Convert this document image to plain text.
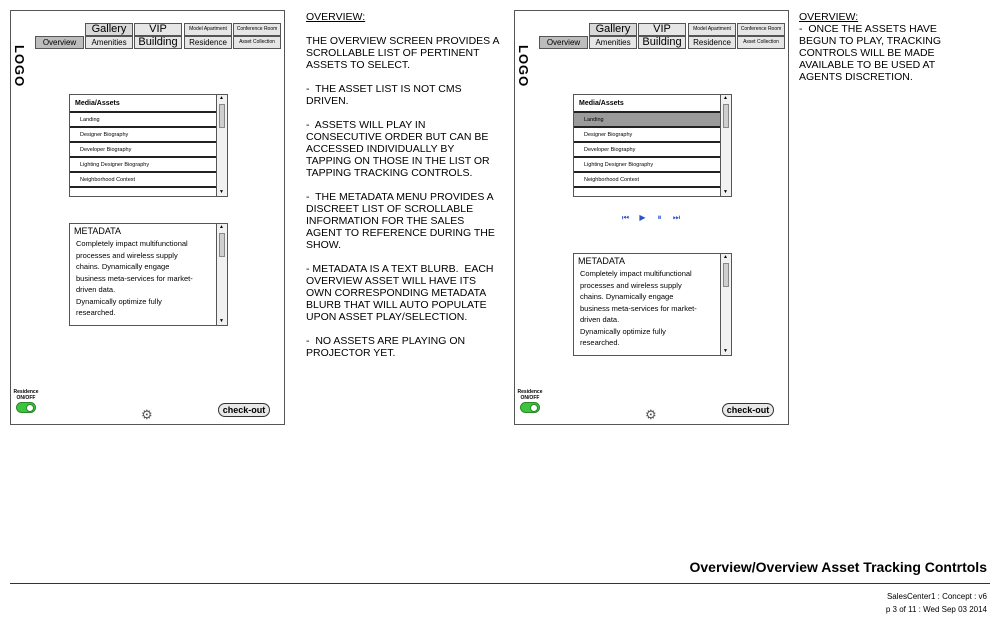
LOGO
Gallery	VIP	Model Apartment	Conference Room
Overview	Amenities	Building	Residence	Asset Collection
Media/Assets
Landing
Designer Biography
Developer Biography
Lighting Designer Biography
Neighborhood Context
▲
▼
METADATA
Completely impact multifunctional
processes and wireless supply
chains. Dynamically engage
business meta-services for market-
driven data.
Dynamically optimize fully
researched.
▲
▼
Residence
ON/OFF
⚙	check-out

OVERVIEW:

THE OVERVIEW SCREEN PROVIDES A
SCROLLABLE LIST OF PERTINENT
ASSETS TO SELECT.

-  THE ASSET LIST IS NOT CMS
DRIVEN.

-  ASSETS WILL PLAY IN
CONSECUTIVE ORDER BUT CAN BE
ACCESSED INDIVIDUALLY BY
TAPPING ON THOSE IN THE LIST OR
TAPPING TRACKING CONTROLS.

-  THE METADATA MENU PROVIDES A
DISCREET LIST OF SCROLLABLE
INFORMATION FOR THE SALES
AGENT TO REFERENCE DURING THE
SHOW.

- METADATA IS A TEXT BLURB.  EACH
OVERVIEW ASSET WILL HAVE ITS
OWN CORRESPONDING METADATA
BLURB THAT WILL AUTO POPULATE
UPON ASSET PLAY/SELECTION.

-  NO ASSETS ARE PLAYING ON
PROJECTOR YET.

LOGO
Gallery	VIP	Model Apartment	Conference Room
Overview	Amenities	Building	Residence	Asset Collection
Media/Assets
Landing
Designer Biography
Developer Biography
Lighting Designer Biography
Neighborhood Context
▲
▼
⏮	▶	⏸	⏭
METADATA
Completely impact multifunctional
processes and wireless supply
chains. Dynamically engage
business meta-services for market-
driven data.
Dynamically optimize fully
researched.
▲
▼
Residence
ON/OFF
⚙	check-out

OVERVIEW:

-  ONCE THE ASSETS HAVE
BEGUN TO PLAY, TRACKING
CONTROLS WILL BE MADE
AVAILABLE TO BE USED AT
AGENTS DISCRETION.

Overview/Overview Asset Tracking Contrtols
SalesCenter1 : Concept : v6
p 3 of 11 : Wed Sep 03 2014
